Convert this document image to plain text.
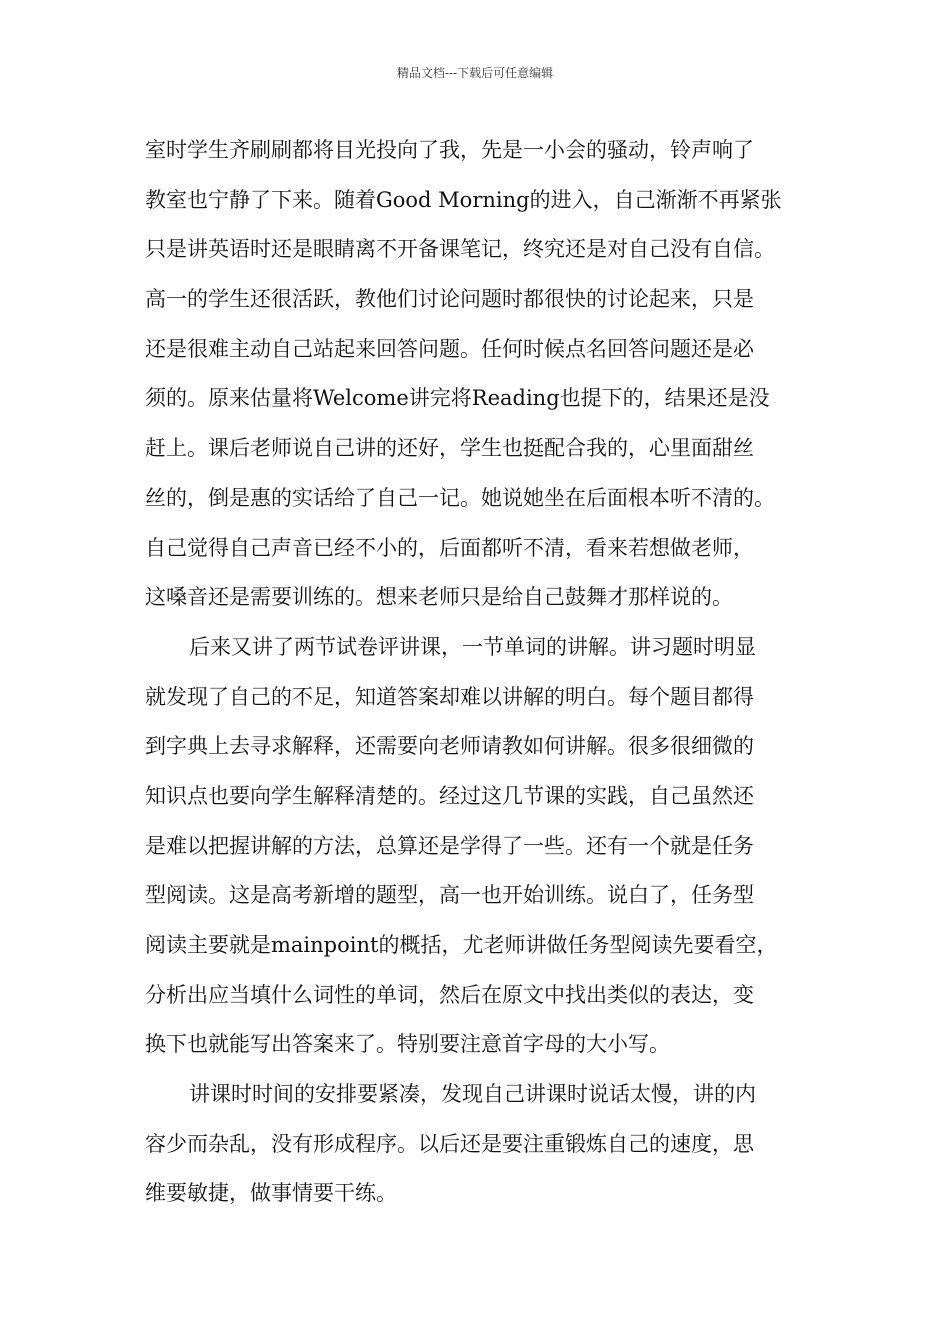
精品文档---下载后可任意编辑
室时学生齐刷刷都将目光投向了我，先是一小会的骚动，铃声响了
教室也宁静了下来。随着Good Morning的进入，自己渐渐不再紧张
只是讲英语时还是眼睛离不开备课笔记，终究还是对自己没有自信。
高一的学生还很活跃，教他们讨论问题时都很快的讨论起来，只是
还是很难主动自己站起来回答问题。任何时候点名回答问题还是必
须的。原来估量将Welcome讲完将Reading也提下的，结果还是没
赶上。课后老师说自己讲的还好，学生也挺配合我的，心里面甜丝
丝的，倒是惠的实话给了自己一记。她说她坐在后面根本听不清的。
自己觉得自己声音已经不小的，后面都听不清，看来若想做老师，
这嗓音还是需要训练的。想来老师只是给自己鼓舞才那样说的。
后来又讲了两节试卷评讲课，一节单词的讲解。讲习题时明显
就发现了自己的不足，知道答案却难以讲解的明白。每个题目都得
到字典上去寻求解释，还需要向老师请教如何讲解。很多很细微的
知识点也要向学生解释清楚的。经过这几节课的实践，自己虽然还
是难以把握讲解的方法，总算还是学得了一些。还有一个就是任务
型阅读。这是高考新增的题型，高一也开始训练。说白了，任务型
阅读主要就是mainpoint的概括，尤老师讲做任务型阅读先要看空，
分析出应当填什么词性的单词，然后在原文中找出类似的表达，变
换下也就能写出答案来了。特别要注意首字母的大小写。
讲课时时间的安排要紧凑，发现自己讲课时说话太慢，讲的内
容少而杂乱，没有形成程序。以后还是要注重锻炼自己的速度，思
维要敏捷，做事情要干练。
